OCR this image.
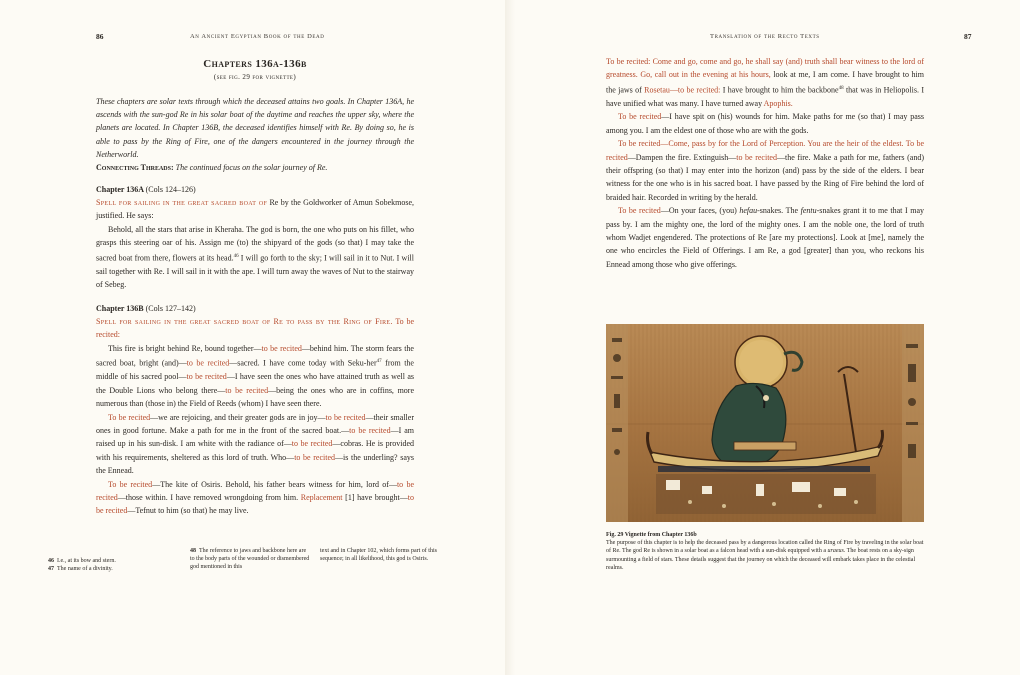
86	An Ancient Egyptian Book of the Dead
Chapters 136a-136b
(see fig. 29 for vignette)
These chapters are solar texts through which the deceased attains two goals. In Chapter 136A, he ascends with the sun-god Re in his solar boat of the daytime and reaches the upper sky, where the planets are located. In Chapter 136B, the deceased identifies himself with Re. By doing so, he is able to pass by the Ring of Fire, one of the dangers encountered in the journey through the Netherworld.
Connecting Threads: The continued focus on the solar journey of Re.
Chapter 136A (Cols 124–126)

Spell for sailing in the great sacred boat of Re by the Goldworker of Amun Sobekmose, justified. He says:

Behold, all the stars that arise in Kheraha. The god is born, the one who puts on his fillet, who grasps this steering oar of his. Assign me (to) the shipyard of the gods (so that) I may take the sacred boat from there, flowers at its head.$^{46}$ I will go forth to the sky; I will sail in it to Nut. I will sail together with Re. I will sail in it with the ape. I will turn away the waves of Nut to the stairway of Sebeg.

Chapter 136B (Cols 127–142)

Spell for sailing in the great sacred boat of Re to pass by the Ring of Fire. To be recited:

This fire is bright behind Re, bound together—to be recited—behind him. The storm fears the sacred boat, bright (and)—to be recited—sacred. I have come today with Seku-her$^{47}$ from the middle of his sacred pool—to be recited—I have seen the ones who have attained truth as well as the Double Lions who belong there—to be recited—being the ones who are in coffins, more numerous than (those in) the Field of Reeds (whom) I have seen there.

To be recited—we are rejoicing, and their greater gods are in joy—to be recited—their smaller ones in good fortune. Make a path for me in the front of the sacred boat.—to be recited—I am raised up in his sun-disk. I am white with the radiance of—to be recited—cobras. He is provided with his requirements, sheltered as this lord of truth. Who—to be recited—is the underling? says the Ennead.

To be recited—The kite of Osiris. Behold, his father bears witness for him, lord of—to be recited—those within. I have removed wrongdoing from him. Replacement [1] have brought—to be recited—Tefnut to him (so that) he may live.

46 I.e., at its bow and stern.
47 The name of a divinity.
48 The reference to jaws and backbone here are to the body parts of the wounded or dismembered god mentioned in this
text and in Chapter 102, which forms part of this sequence; in all likelihood, this god is Osiris.
Translation of the Recto Texts	87

To be recited: Come and go, come and go, he shall say (and) truth shall bear witness to the lord of greatness. Go, call out in the evening at his hours, look at me, I am come. I have brought to him the jaws of Rosetau—to be recited: I have brought to him the backbone$^{48}$ that was in Heliopolis. I have unified what was many. I have turned away Apophis.

To be recited—I have spit on (his) wounds for him. Make paths for me (so that) I may pass among you. I am the eldest one of those who are with the gods.

To be recited—Come, pass by for the Lord of Perception. You are the heir of the eldest. To be recited—Dampen the fire. Extinguish—to be recited—the fire. Make a path for me, fathers (and) their offspring (so that) I may enter into the horizon (and) pass by the side of the elders. I bear witness for the one who is in his sacred boat. I have passed by the Ring of Fire behind the lord of braided hair. Recorded in writing by the herald.

To be recited—On your faces, (you) hefau-snakes. The fentu-snakes grant it to me that I may pass by. I am the mighty one, the lord of the mighty ones. I am the noble one, the lord of truth whom Wadjet engendered. The protections of Re [are my protections]. Look at [me], namely the one who encircles the Field of Offerings. I am Re, a god [greater] than you, who reckons his Ennead among those who give offerings.

Fig. 29 Vignette from Chapter 136b
The purpose of this chapter is to help the deceased pass by a dangerous location called the Ring of Fire by traveling in the solar boat of Re. The god Re is shown in a solar boat as a falcon head with a sun-disk equipped with a uraeus. The boat rests on a sky-sign surmounting a field of stars. These details suggest that the journey on which the deceased will embark takes place in the celestial realms.
